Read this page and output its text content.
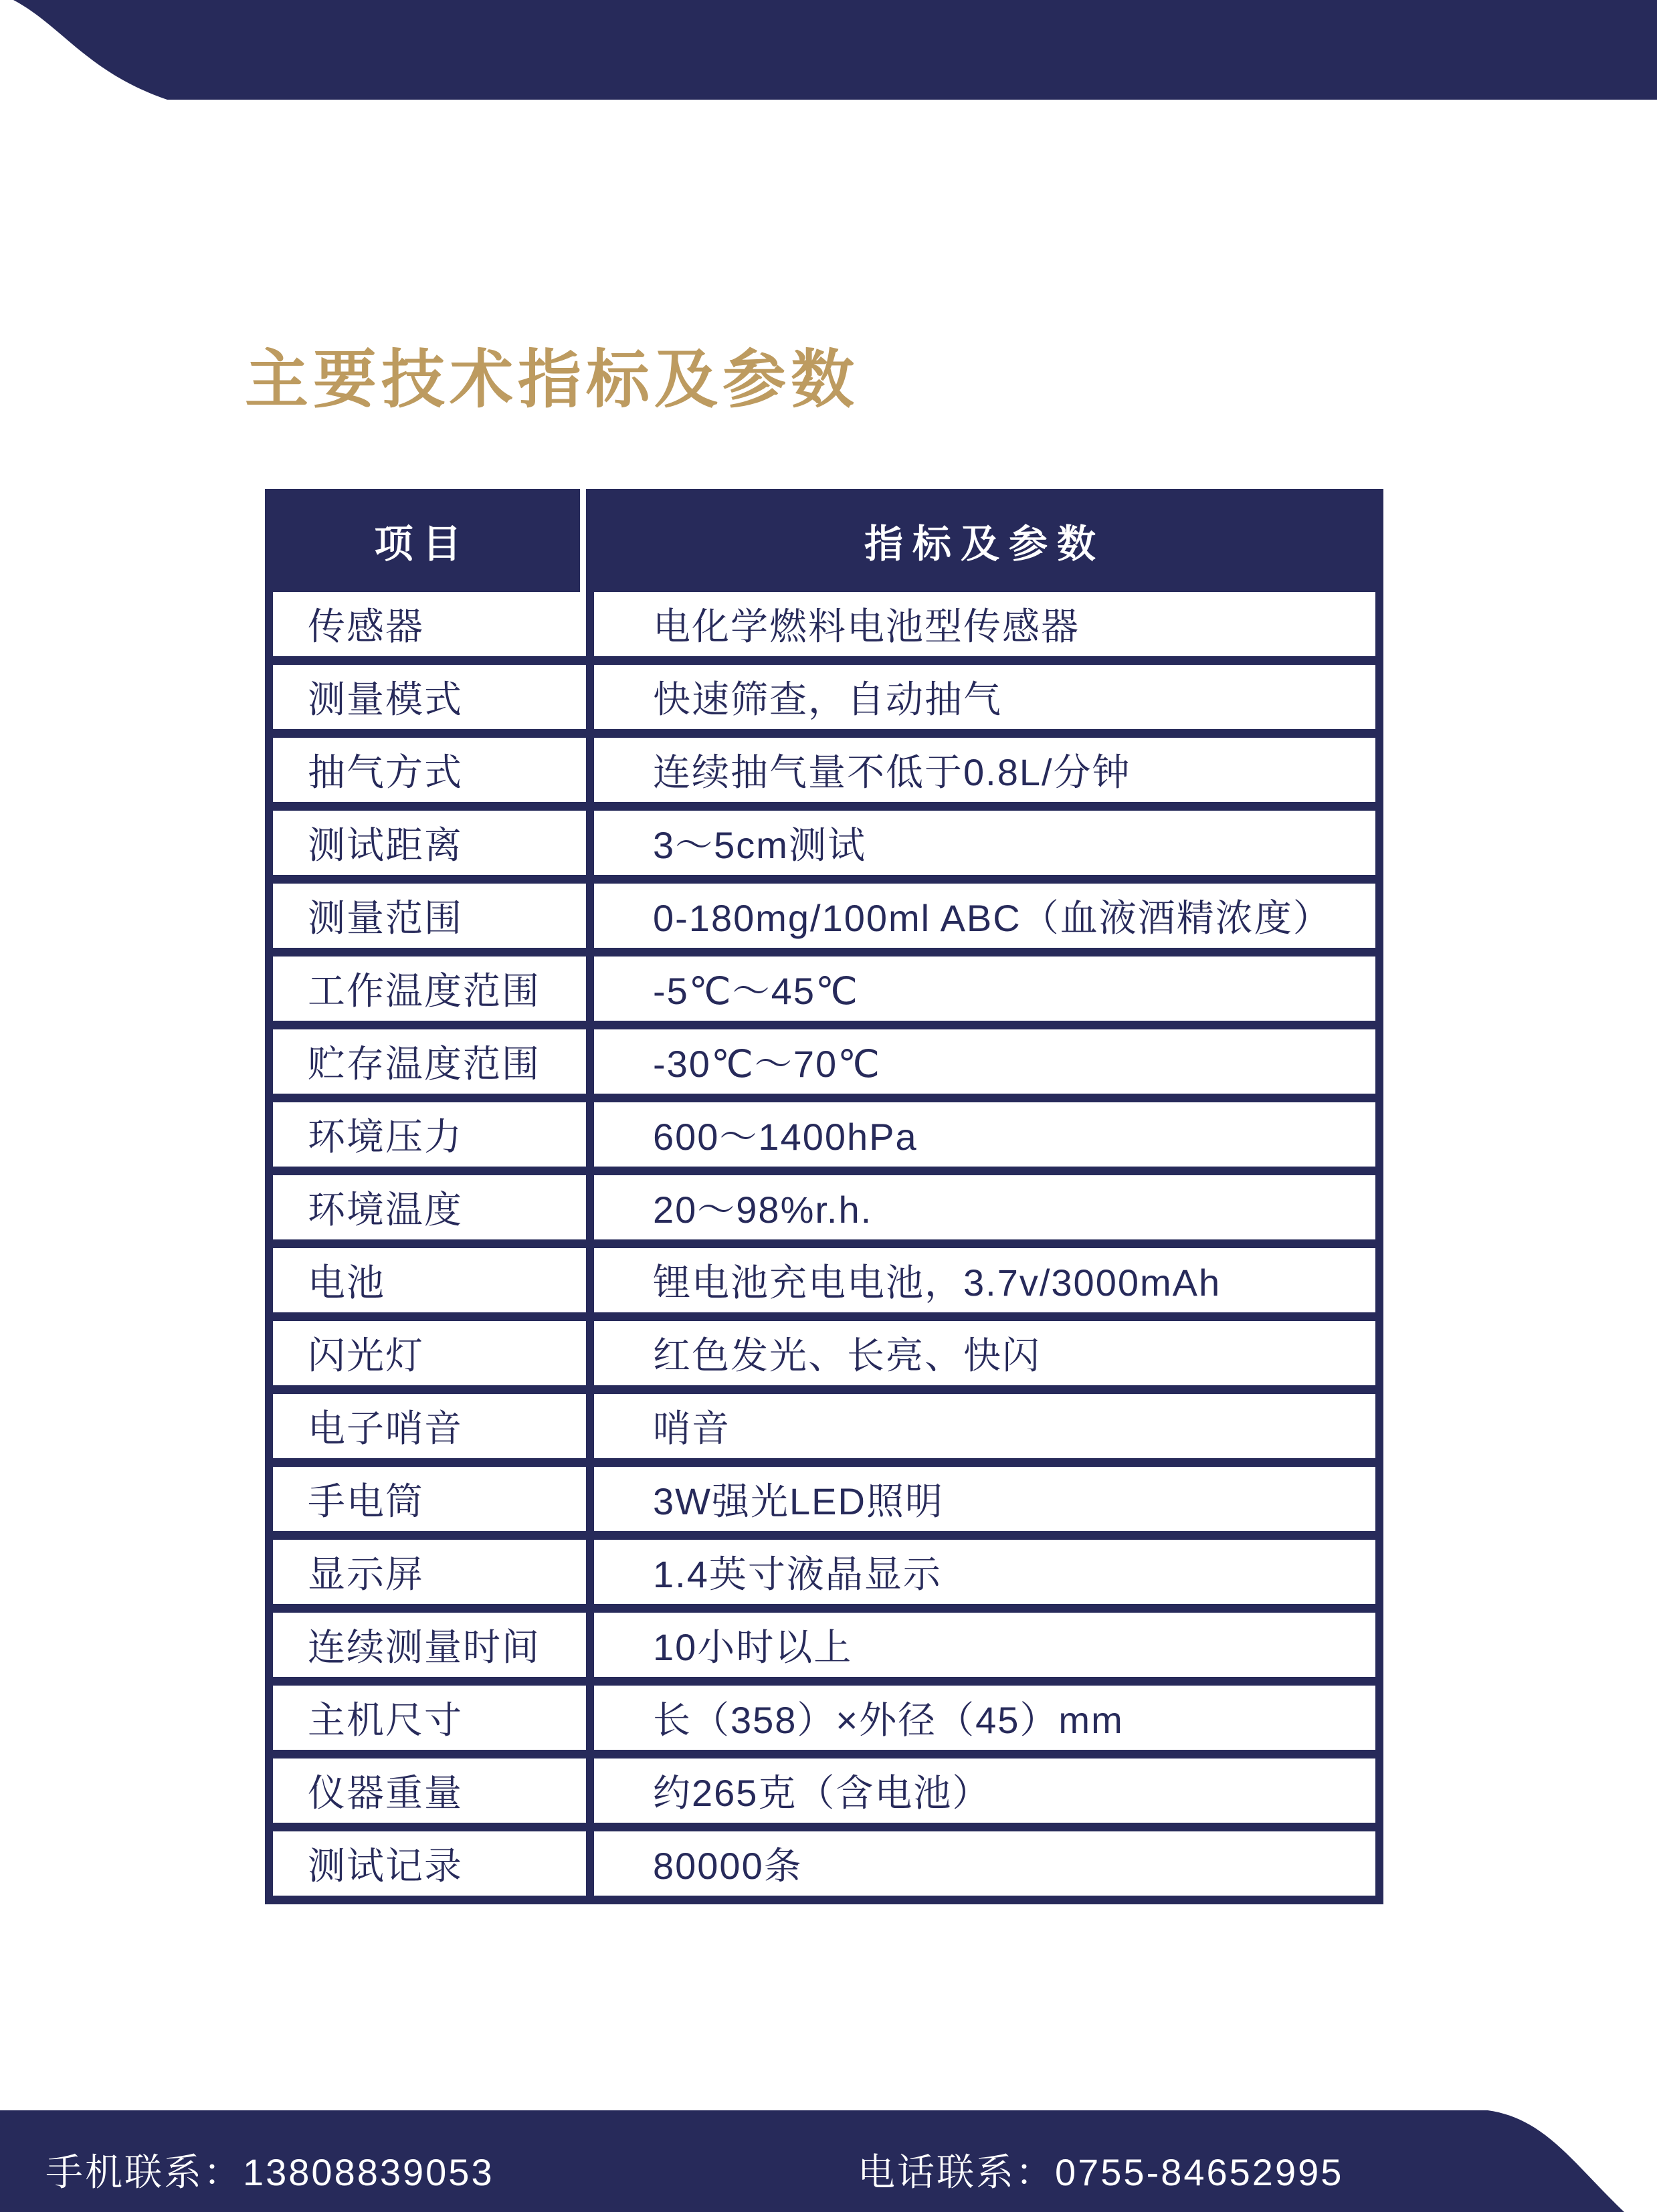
主要技术指标及参数
项目	指标及参数
传感器	电化学燃料电池型传感器
测量模式	快速筛查，自动抽气
抽气方式	连续抽气量不低于0.8L/分钟
测试距离	3～5cm测试
测量范围	0-180mg/100ml ABC（血液酒精浓度）
工作温度范围	-5℃～45℃
贮存温度范围	-30℃～70℃
环境压力	600～1400hPa
环境温度	20～98%r.h.
电池	锂电池充电电池，3.7v/3000mAh
闪光灯	红色发光、长亮、快闪
电子哨音	哨音
手电筒	3W强光LED照明
显示屏	1.4英寸液晶显示
连续测量时间	10小时以上
主机尺寸	长（358）×外径（45）mm
仪器重量	约265克（含电池）
测试记录	80000条
手机联系：13808839053	电话联系：0755-84652995
